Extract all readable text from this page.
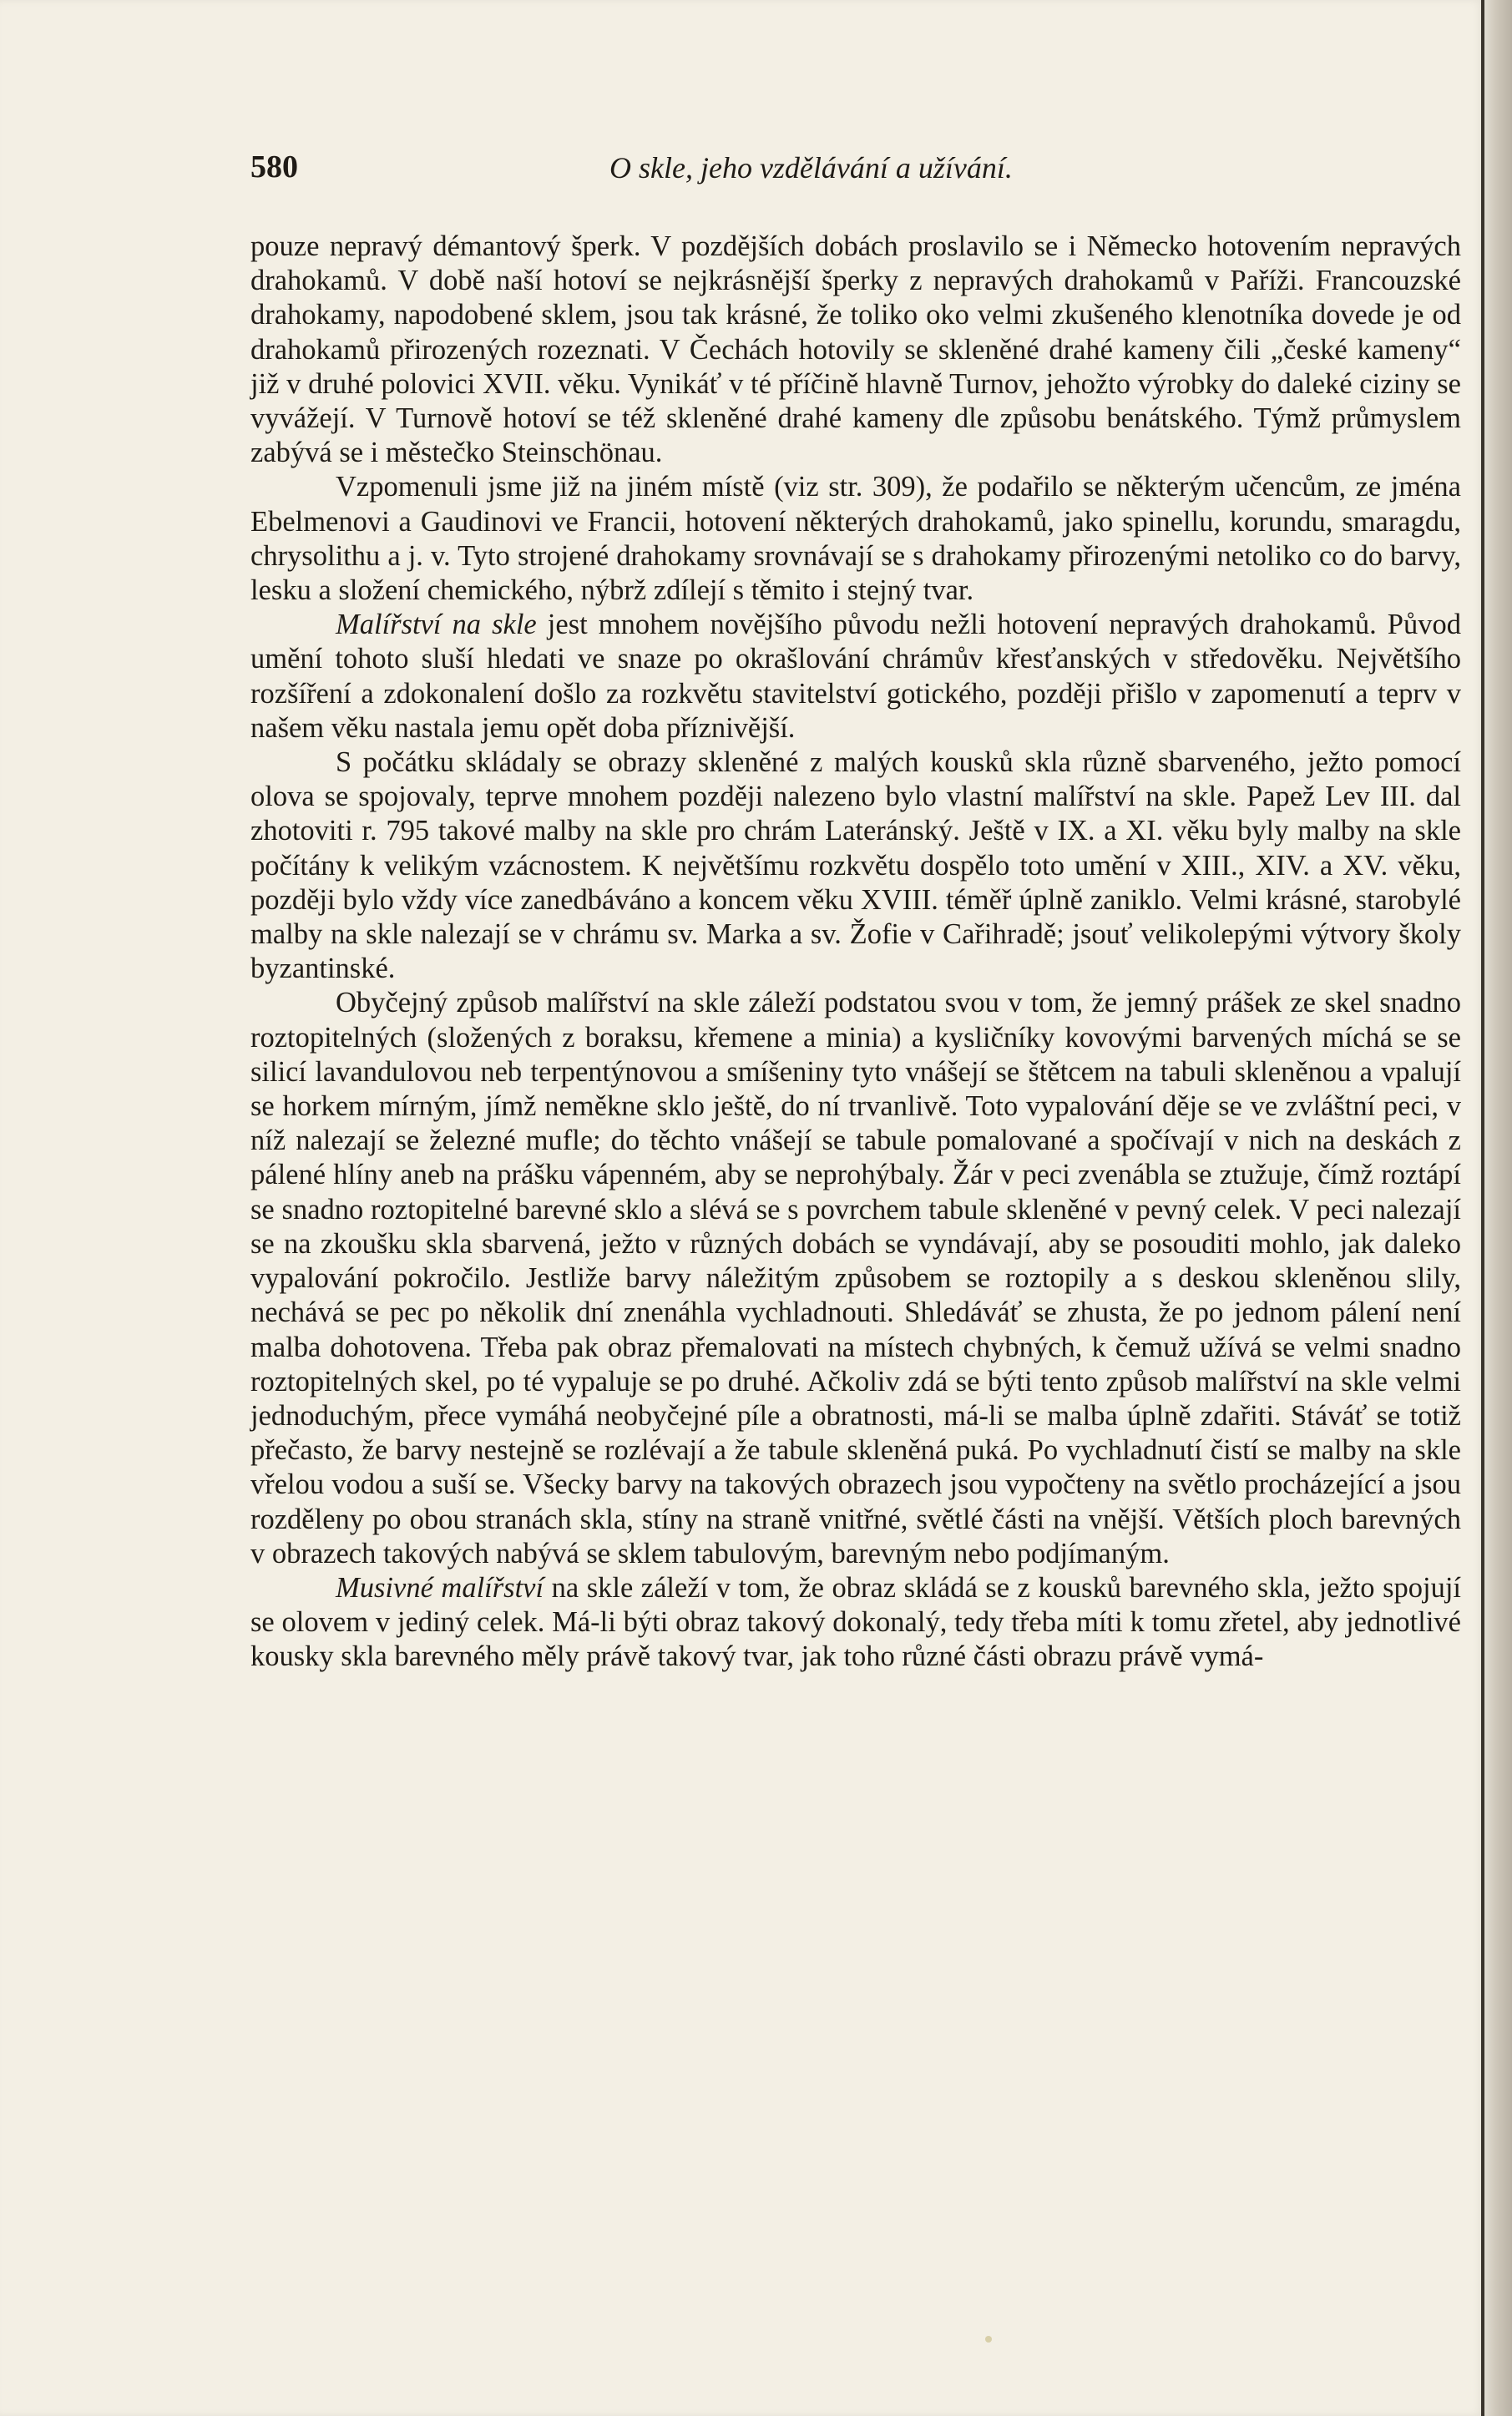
580	O skle, jeho vzdělávání a užívání.

pouze nepravý démantový šperk. V pozdějších dobách proslavilo se i Německo hotovením nepravých drahokamů. V době naší hotoví se nejkrásnější šperky z nepravých drahokamů v Paříži. Francouzské drahokamy, napodobené sklem, jsou tak krásné, že toliko oko velmi zkušeného klenotníka dovede je od drahokamů přirozených rozeznati. V Čechách hotovily se skleněné drahé kameny čili „české kameny“ již v druhé polovici XVII. věku. Vynikáť v té příčině hlavně Turnov, jehožto výrobky do daleké ciziny se vyvážejí. V Turnově hotoví se též skleněné drahé kameny dle způsobu benátského. Týmž průmyslem zabývá se i městečko Steinschönau.

Vzpomenuli jsme již na jiném místě (viz str. 309), že podařilo se některým učencům, ze jména Ebelmenovi a Gaudinovi ve Francii, hotovení některých drahokamů, jako spinellu, korundu, smaragdu, chrysolithu a j. v. Tyto strojené drahokamy srovnávají se s drahokamy přirozenými netoliko co do barvy, lesku a složení chemického, nýbrž zdílejí s těmito i stejný tvar.

Malířství na skle jest mnohem novějšího původu nežli hotovení nepravých drahokamů. Původ umění tohoto sluší hledati ve snaze po okrašlování chrámův křesťanských v středověku. Největšího rozšíření a zdokonalení došlo za rozkvětu stavitelství gotického, později přišlo v zapomenutí a teprv v našem věku nastala jemu opět doba příznivější.

S počátku skládaly se obrazy skleněné z malých kousků skla různě sbarveného, ježto pomocí olova se spojovaly, teprve mnohem později nalezeno bylo vlastní malířství na skle. Papež Lev III. dal zhotoviti r. 795 takové malby na skle pro chrám Lateránský. Ještě v IX. a XI. věku byly malby na skle počítány k velikým vzácnostem. K největšímu rozkvětu dospělo toto umění v XIII., XIV. a XV. věku, později bylo vždy více zanedbáváno a koncem věku XVIII. téměř úplně zaniklo. Velmi krásné, starobylé malby na skle nalezají se v chrámu sv. Marka a sv. Žofie v Cařihradě; jsouť velikolepými výtvory školy byzantinské.

Obyčejný způsob malířství na skle záleží podstatou svou v tom, že jemný prášek ze skel snadno roztopitelných (složených z boraksu, křemene a minia) a kysličníky kovovými barvených míchá se se silicí lavandulovou neb terpentýnovou a smíšeniny tyto vnášejí se štětcem na tabuli skleněnou a vpalují se horkem mírným, jímž neměkne sklo ještě, do ní trvanlivě. Toto vypalování děje se ve zvláštní peci, v níž nalezají se železné mufle; do těchto vnášejí se tabule pomalované a spočívají v nich na deskách z pálené hlíny aneb na prášku vápenném, aby se neprohýbaly. Žár v peci zvenábla se ztužuje, čímž roztápí se snadno roztopitelné barevné sklo a slévá se s povrchem tabule skleněné v pevný celek. V peci nalezají se na zkoušku skla sbarvená, ježto v různých dobách se vyndávají, aby se posouditi mohlo, jak daleko vypalování pokročilo. Jestliže barvy náležitým způsobem se roztopily a s deskou skleněnou slily, nechává se pec po několik dní znenáhla vychladnouti. Shledáváť se zhusta, že po jednom pálení není malba dohotovena. Třeba pak obraz přemalovati na místech chybných, k čemuž užívá se velmi snadno roztopitelných skel, po té vypaluje se po druhé. Ačkoliv zdá se býti tento způsob malířství na skle velmi jednoduchým, přece vymáhá neobyčejné píle a obratnosti, má-li se malba úplně zdařiti. Stáváť se totiž přečasto, že barvy nestejně se rozlévají a že tabule skleněná puká. Po vychladnutí čistí se malby na skle vřelou vodou a suší se. Všecky barvy na takových obrazech jsou vypočteny na světlo procházející a jsou rozděleny po obou stranách skla, stíny na straně vnitřné, světlé části na vnější. Větších ploch barevných v obrazech takových nabývá se sklem tabulovým, barevným nebo podjímaným.

Musivné malířství na skle záleží v tom, že obraz skládá se z kousků barevného skla, ježto spojují se olovem v jediný celek. Má-li býti obraz takový dokonalý, tedy třeba míti k tomu zřetel, aby jednotlivé kousky skla barevného měly právě takový tvar, jak toho různé části obrazu právě vymá-
